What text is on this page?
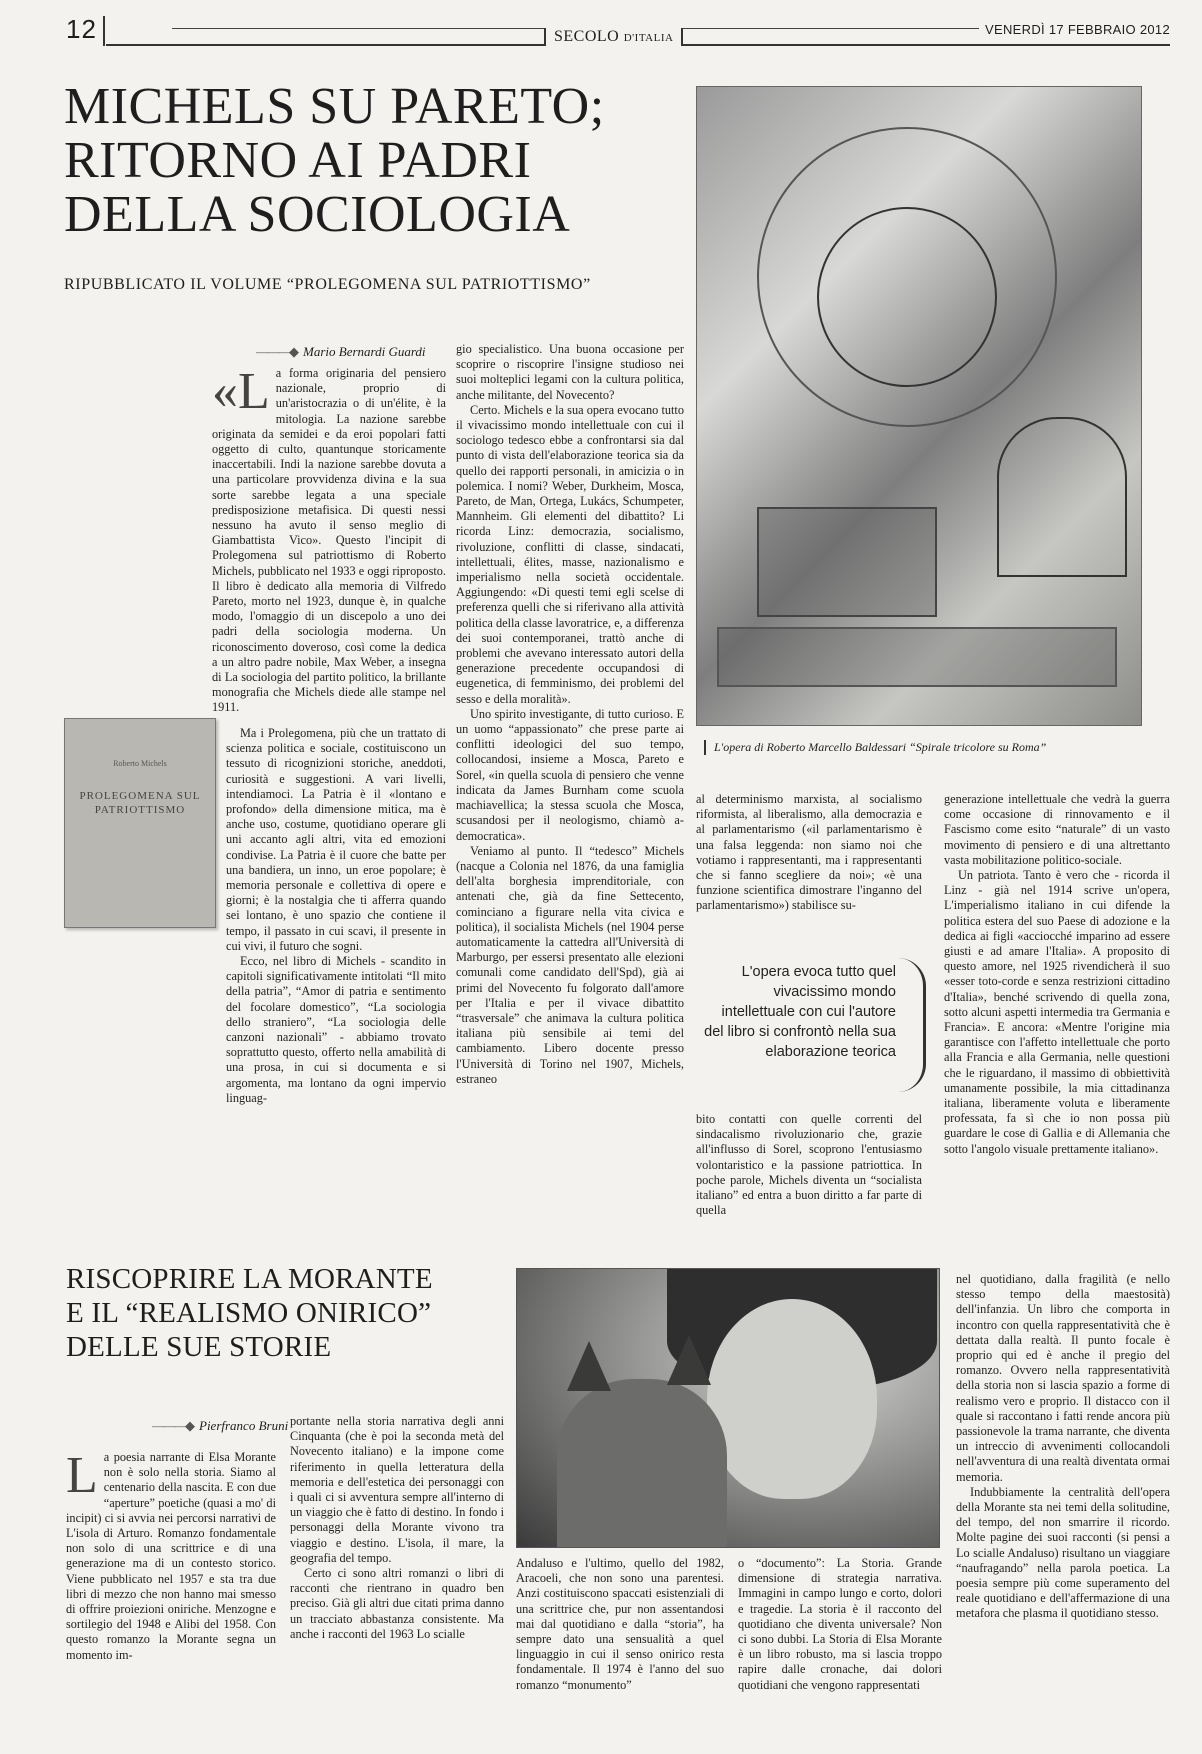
12	SECOLO D'ITALIA
VENERDÌ 17 FEBBRAIO 2012
MICHELS SU PARETO; RITORNO AI PADRI DELLA SOCIOLOGIA
RIPUBBLICATO IL VOLUME “PROLEGOMENA SUL PATRIOTTISMO”
———◆ Mario Bernardi Guardi

«La forma originaria del pensiero nazionale, proprio di un'aristocrazia o di un'élite, è la mitologia. La nazione sarebbe originata da semidei e da eroi popolari fatti oggetto di culto, quantunque storicamente inaccertabili. Indi la nazione sarebbe dovuta a una particolare provvidenza divina e la sua sorte sarebbe legata a una speciale predisposizione metafisica. Di questi nessi nessuno ha avuto il senso meglio di Giambattista Vico». Questo l'incipit di Prolegomena sul patriottismo di Roberto Michels, pubblicato nel 1933 e oggi riproposto. Il libro è dedicato alla memoria di Vilfredo Pareto, morto nel 1923, dunque è, in qualche modo, l'omaggio di un discepolo a uno dei padri della sociologia moderna. Un riconoscimento doveroso, così come la dedica a un altro padre nobile, Max Weber, a insegna di La sociologia del partito politico, la brillante monografia che Michels diede alle stampe nel 1911.

Roberto Michels
PROLEGOMENA SUL PATRIOTTISMO

Ma i Prolegomena, più che un trattato di scienza politica e sociale, costituiscono un tessuto di ricognizioni storiche, aneddoti, curiosità e suggestioni. A vari livelli, intendiamoci. La Patria è il «lontano e profondo» della dimensione mitica, ma è anche uso, costume, quotidiano operare gli uni accanto agli altri, vita ed emozioni condivise. La Patria è il cuore che batte per una bandiera, un inno, un eroe popolare; è memoria personale e collettiva di opere e giorni; è la nostalgia che ti afferra quando sei lontano, è uno spazio che contiene il tempo, il passato in cui scavi, il presente in cui vivi, il futuro che sogni.

Ecco, nel libro di Michels - scandito in capitoli significativamente intitolati “Il mito della patria”, “Amor di patria e sentimento del focolare domestico”, “La sociologia dello straniero”, “La sociologia delle canzoni nazionali” - abbiamo trovato soprattutto questo, offerto nella amabilità di una prosa, in cui si documenta e si argomenta, ma lontano da ogni impervio linguag-

gio specialistico. Una buona occasione per scoprire o riscoprire l'insigne studioso nei suoi molteplici legami con la cultura politica, anche militante, del Novecento?

Certo. Michels e la sua opera evocano tutto il vivacissimo mondo intellettuale con cui il sociologo tedesco ebbe a confrontarsi sia dal punto di vista dell'elaborazione teorica sia da quello dei rapporti personali, in amicizia o in polemica. I nomi? Weber, Durkheim, Mosca, Pareto, de Man, Ortega, Lukács, Schumpeter, Mannheim. Gli elementi del dibattito? Li ricorda Linz: democrazia, socialismo, rivoluzione, conflitti di classe, sindacati, intellettuali, élites, masse, nazionalismo e imperialismo nella società occidentale. Aggiungendo: «Di questi temi egli scelse di preferenza quelli che si riferivano alla attività politica della classe lavoratrice, e, a differenza dei suoi contemporanei, trattò anche di problemi che avevano interessato autori della generazione precedente occupandosi di eugenetica, di femminismo, dei problemi del sesso e della moralità».

Uno spirito investigante, di tutto curioso. E un uomo “appassionato” che prese parte ai conflitti ideologici del suo tempo, collocandosi, insieme a Mosca, Pareto e Sorel, «in quella scuola di pensiero che venne indicata da James Burnham come scuola machiavellica; la stessa scuola che Mosca, scusandosi per il neologismo, chiamò a-democratica».

Veniamo al punto. Il “tedesco” Michels (nacque a Colonia nel 1876, da una famiglia dell'alta borghesia imprenditoriale, con antenati che, già da fine Settecento, cominciano a figurare nella vita civica e politica), il socialista Michels (nel 1904 perse automaticamente la cattedra all'Università di Marburgo, per essersi presentato alle elezioni comunali come candidato dell'Spd), già ai primi del Novecento fu folgorato dall'amore per l'Italia e per il vivace dibattito “trasversale” che animava la cultura politica italiana più sensibile ai temi del cambiamento. Libero docente presso l'Università di Torino nel 1907, Michels, estraneo

L'opera di Roberto Marcello Baldessari “Spirale tricolore su Roma”

al determinismo marxista, al socialismo riformista, al liberalismo, alla democrazia e al parlamentarismo («il parlamentarismo è una falsa leggenda: non siamo noi che votiamo i rappresentanti, ma i rappresentanti che si fanno scegliere da noi»; «è una funzione scientifica dimostrare l'inganno del parlamentarismo») stabilisce su-

L'opera evoca tutto quel vivacissimo mondo intellettuale con cui l'autore del libro si confrontò nella sua elaborazione teorica

bito contatti con quelle correnti del sindacalismo rivoluzionario che, grazie all'influsso di Sorel, scoprono l'entusiasmo volontaristico e la passione patriottica. In poche parole, Michels diventa un “socialista italiano” ed entra a buon diritto a far parte di quella

generazione intellettuale che vedrà la guerra come occasione di rinnovamento e il Fascismo come esito “naturale” di un vasto movimento di pensiero e di una altrettanto vasta mobilitazione politico-sociale.

Un patriota. Tanto è vero che - ricorda il Linz - già nel 1914 scrive un'opera, L'imperialismo italiano in cui difende la politica estera del suo Paese di adozione e la dedica ai figli «acciocché imparino ad essere giusti e ad amare l'Italia». A proposito di questo amore, nel 1925 rivendicherà il suo «esser toto-corde e senza restrizioni cittadino d'Italia», benché scrivendo di quella zona, sotto alcuni aspetti intermedia tra Germania e Francia». E ancora: «Mentre l'origine mia garantisce con l'affetto intellettuale che porto alla Francia e alla Germania, nelle questioni che le riguardano, il massimo di obbiettività umanamente possibile, la mia cittadinanza italiana, liberamente voluta e liberamente professata, fa sì che io non possa più guardare le cose di Gallia e di Allemania che sotto l'angolo visuale prettamente italiano».

RISCOPRIRE LA MORANTE
E IL “REALISMO ONIRICO”
DELLE SUE STORIE
———◆ Pierfranco Bruni

La poesia narrante di Elsa Morante non è solo nella storia. Siamo al centenario della nascita. E con due “aperture” poetiche (quasi a mo' di incipit) ci si avvia nei percorsi narrativi de L'isola di Arturo. Romanzo fondamentale non solo di una scrittrice e di una generazione ma di un contesto storico. Viene pubblicato nel 1957 e sta tra due libri di mezzo che non hanno mai smesso di offrire proiezioni oniriche. Menzogne e sortilegio del 1948 e Alibi del 1958. Con questo romanzo la Morante segna un momento im-

portante nella storia narrativa degli anni Cinquanta (che è poi la seconda metà del Novecento italiano) e la impone come riferimento in quella letteratura della memoria e dell'estetica dei personaggi con i quali ci si avventura sempre all'interno di un viaggio che è fatto di destino. In fondo i personaggi della Morante vivono tra viaggio e destino. L'isola, il mare, la geografia del tempo.

Certo ci sono altri romanzi o libri di racconti che rientrano in quadro ben preciso. Già gli altri due citati prima danno un tracciato abbastanza consistente. Ma anche i racconti del 1963 Lo scialle

Andaluso e l'ultimo, quello del 1982, Aracoeli, che non sono una parentesi. Anzi costituiscono spaccati esistenziali di una scrittrice che, pur non assentandosi mai dal quotidiano e dalla “storia”, ha sempre dato una sensualità a quel linguaggio in cui il senso onirico resta fondamentale. Il 1974 è l'anno del suo romanzo “monumento”

o “documento”: La Storia. Grande dimensione di strategia narrativa. Immagini in campo lungo e corto, dolori e tragedie. La storia è il racconto del quotidiano che diventa universale? Non ci sono dubbi. La Storia di Elsa Morante è un libro robusto, ma si lascia troppo rapire dalle cronache, dai dolori quotidiani che vengono rappresentati

nel quotidiano, dalla fragilità (e nello stesso tempo della maestosità) dell'infanzia. Un libro che comporta in incontro con quella rappresentatività che è dettata dalla realtà. Il punto focale è proprio qui ed è anche il pregio del romanzo. Ovvero nella rappresentatività della storia non si lascia spazio a forme di realismo vero e proprio. Il distacco con il quale si raccontano i fatti rende ancora più passionevole la trama narrante, che diventa un intreccio di avvenimenti collocandoli nell'avventura di una realtà diventata ormai memoria.

Indubbiamente la centralità dell'opera della Morante sta nei temi della solitudine, del tempo, del non smarrire il ricordo. Molte pagine dei suoi racconti (si pensi a Lo scialle Andaluso) risultano un viaggiare “naufragando” nella parola poetica. La poesia sempre più come superamento del reale quotidiano e dell'affermazione di una metafora che plasma il quotidiano stesso.
